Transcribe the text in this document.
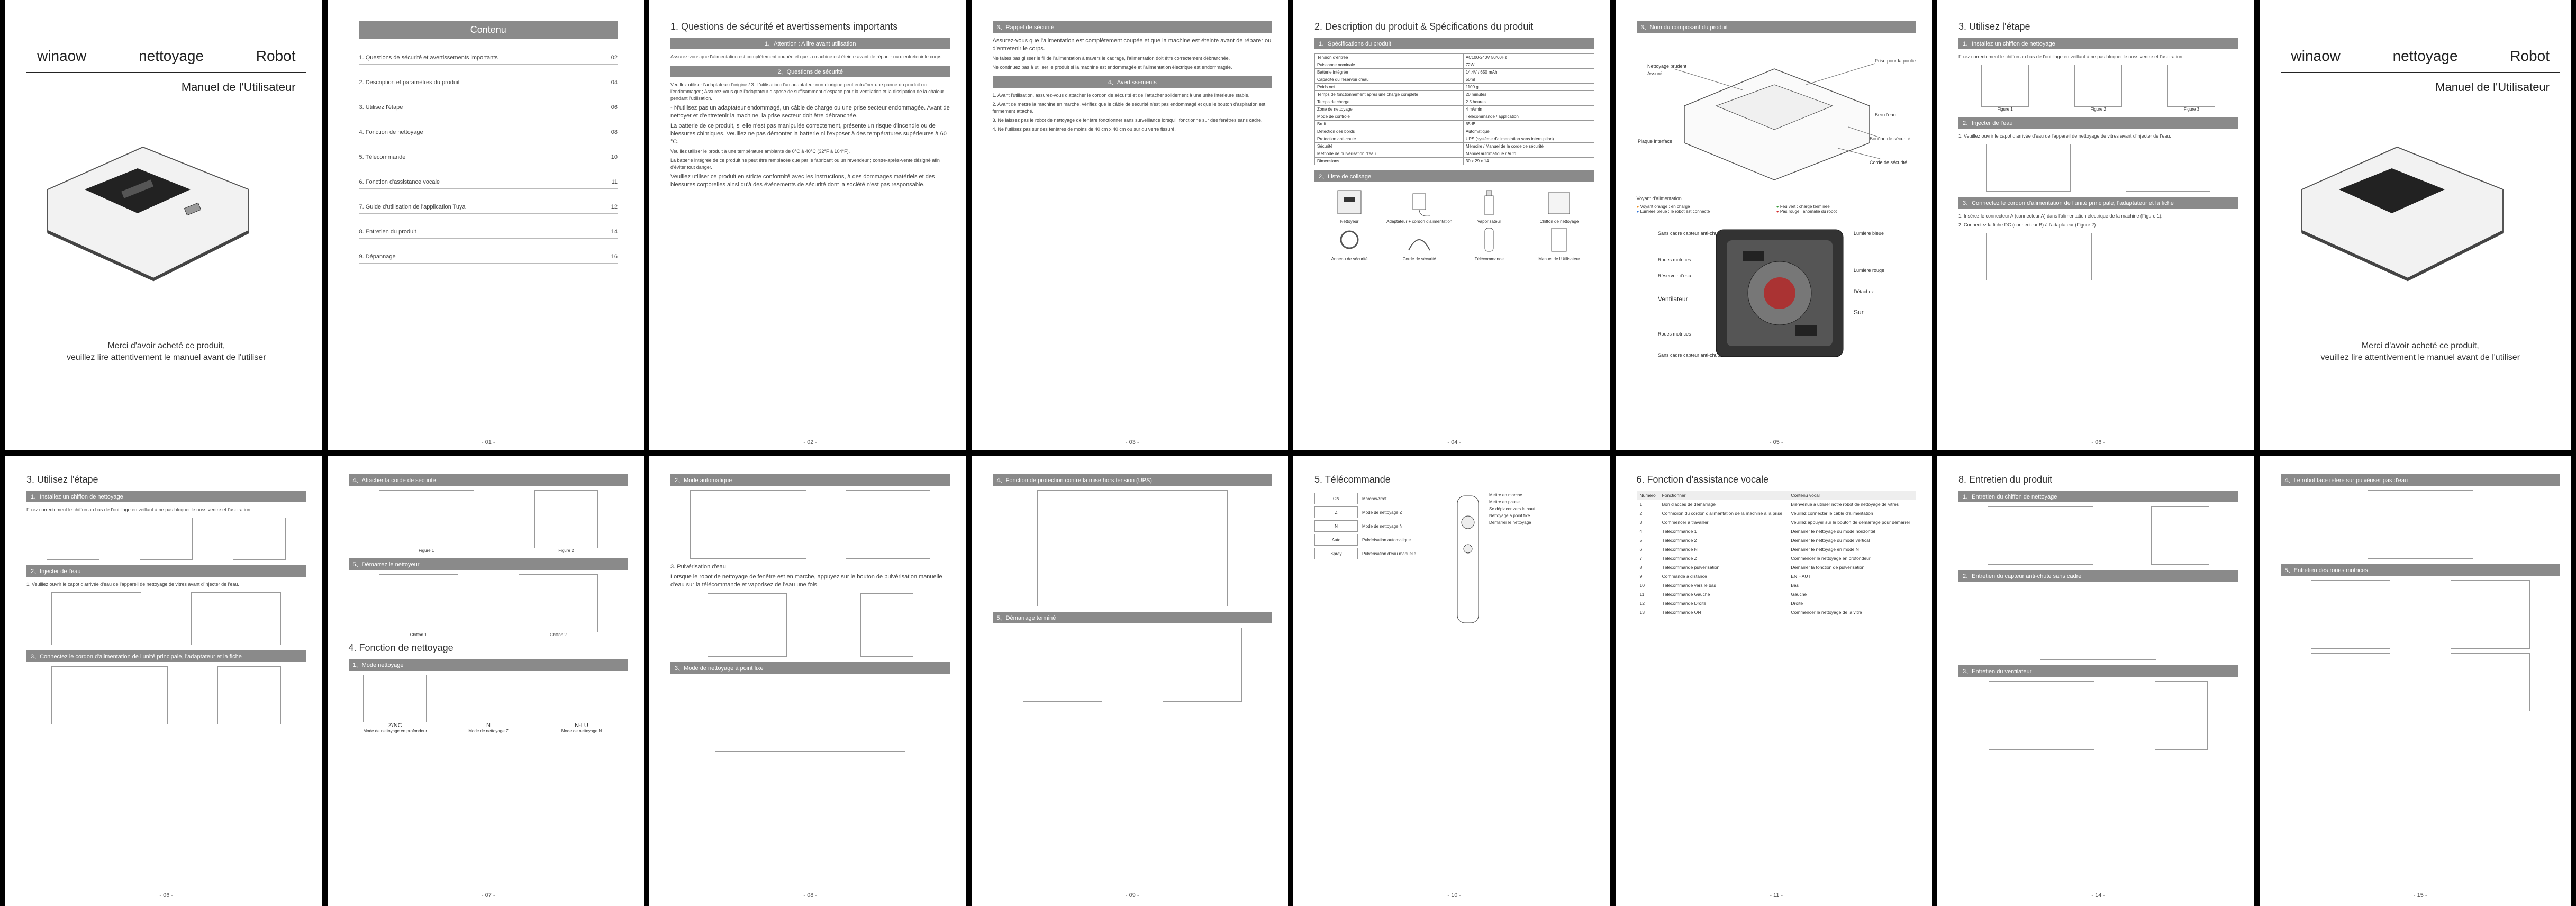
winaow	nettoyage	Robot
Manuel de l'Utilisateur
Merci d'avoir acheté ce produit,
veuillez lire attentivement le manuel avant de l'utiliser
Contenu
1. Questions de sécurité et avertissements importants	02
2. Description et paramètres du produit	04
3. Utilisez l'étape	06
4. Fonction de nettoyage	08
5. Télécommande	10
6. Fonction d'assistance vocale	11
7. Guide d'utilisation de l'application Tuya	12
8. Entretien du produit	14
9. Dépannage	16
- 01 -
1. Questions de sécurité et avertissements importants
1、Attention : A lire avant utilisation
Assurez-vous que l'alimentation est complètement coupée et que la machine est éteinte avant de réparer ou d'entretenir le corps.
2、Questions de sécurité
Veuillez utiliser l'adaptateur d'origine / 3. L'utilisation d'un adaptateur non d'origine peut entraîner une panne du produit ou l'endommager ; Assurez-vous que l'adaptateur dispose de suffisamment d'espace pour la ventilation et la dissipation de la chaleur pendant l'utilisation.
- N'utilisez pas un adaptateur endommagé, un câble de charge ou une prise secteur endommagée. Avant de nettoyer et d'entretenir la machine, la prise secteur doit être débranchée.
La batterie de ce produit, si elle n'est pas manipulée correctement, présente un risque d'incendie ou de blessures chimiques. Veuillez ne pas démonter la batterie ni l'exposer à des températures supérieures à 60 °C.
Veuillez utiliser le produit à une température ambiante de 0°C à 40°C (32°F à 104°F).
La batterie intégrée de ce produit ne peut être remplacée que par le fabricant ou un revendeur ; contre-après-vente désigné afin d'éviter tout danger.
Veuillez utiliser ce produit en stricte conformité avec les instructions, à des dommages matériels et des blessures corporelles ainsi qu'à des événements de sécurité dont la société n'est pas responsable.
- 02 -
3、Rappel de sécurité
Assurez-vous que l'alimentation est complètement coupée et que la machine est éteinte avant de réparer ou d'entretenir le corps.
Ne faites pas glisser le fil de l'alimentation à travers le cadrage, l'alimentation doit être correctement débranchée.
Ne continuez pas à utiliser le produit si la machine est endommagée et l'alimentation électrique est endommagée.
4、Avertissements
1. Avant l'utilisation, assurez-vous d'attacher le cordon de sécurité et de l'attacher solidement à une unité intérieure stable.
2. Avant de mettre la machine en marche, vérifiez que le câble de sécurité n'est pas endommagé et que le bouton d'aspiration est fermement attaché.
3. Ne laissez pas le robot de nettoyage de fenêtre fonctionner sans surveillance lorsqu'il fonctionne sur des fenêtres sans cadre.
4. Ne l'utilisez pas sur des fenêtres de moins de 40 cm x 40 cm ou sur du verre fissuré.
- 03 -
2. Description du produit & Spécifications du produit
1、Spécifications du produit
Tension d'entrée	AC100-240V 50/60Hz
Puissance nominale	72W
Batterie intégrée	14.4V / 650 mAh
Capacité du réservoir d'eau	50ml
Poids net	1100 g
Temps de fonctionnement après une charge complète	20 minutes
Temps de charge	2.5 heures
Zone de nettoyage	4 m²/min
Mode de contrôle	Télécommande / application
Bruit	65dB
Détection des bords	Automatique
Protection anti-chute	UPS (système d'alimentation sans interruption)
Sécurité	Mémoire / Manuel de la corde de sécurité
Méthode de pulvérisation d'eau	Manuel automatique / Auto
Dimensions	30 x 29 x 14
2、Liste de colisage
Nettoyeur	Adaptateur + cordon d'alimentation	Vaporisateur	Chiffon de nettoyage
Anneau de sécurité	Corde de sécurité	Télécommande	Manuel de l'Utilisateur
- 04 -
3、Nom du composant du produit
Nettoyage prudent
Assuré
Prise pour la poulie
Bec d'eau
Bouche de sécurité
Corde de sécurité
Plaque interface
Voyant d'alimentation
● Voyant orange : en charge	● Feu vert : charge terminée
● Lumière bleue : le robot est connecté	● Pas rouge : anomalie du robot
Sans cadre capteur anti-chute
Roues motrices
Réservoir d'eau
Ventilateur
Roues motrices
Sans cadre capteur anti-chute
Lumière bleue
Lumière rouge
Détachez
Sur
- 05 -
3. Utilisez l'étape
1、Installez un chiffon de nettoyage
Fixez correctement le chiffon au bas de l'outillage en veillant à ne pas bloquer le nuss ventre et l'aspiration.
Figure 1	Figure 2	Figure 3
2、Injecter de l'eau
1. Veuillez ouvrir le capot d'arrivée d'eau de l'appareil de nettoyage de vitres avant d'injecter de l'eau.
3、Connectez le cordon d'alimentation de l'unité principale, l'adaptateur et la fiche
1. Insérez le connecteur A (connecteur A) dans l'alimentation électrique de la machine (Figure 1).
2. Connectez la fiche DC (connecteur B) à l'adaptateur (Figure 2).
- 06 -
winaow	nettoyage	Robot
Manuel de l'Utilisateur
Merci d'avoir acheté ce produit,
veuillez lire attentivement le manuel avant de l'utiliser
3. Utilisez l'étape
1、Installez un chiffon de nettoyage
Fixez correctement le chiffon au bas de l'outillage en veillant à ne pas bloquer le nuss ventre et l'aspiration.
2、Injecter de l'eau
1. Veuillez ouvrir le capot d'arrivée d'eau de l'appareil de nettoyage de vitres avant d'injecter de l'eau.
3、Connectez le cordon d'alimentation de l'unité principale, l'adaptateur et la fiche
- 06 -
4、Attacher la corde de sécurité
Figure 1	Figure 2
5、Démarrez le nettoyeur
Chiffon 1	Chiffon 2
4. Fonction de nettoyage
1、Mode nettoyage
Z/NC
Mode de nettoyage en profondeur
N
Mode de nettoyage Z
N-LU
Mode de nettoyage N
- 07 -
2、Mode automatique
3. Pulvérisation d'eau
Lorsque le robot de nettoyage de fenêtre est en marche, appuyez sur le bouton de pulvérisation manuelle d'eau sur la télécommande et vaporisez de l'eau une fois.
3、Mode de nettoyage à point fixe
- 08 -
4、Fonction de protection contre la mise hors tension (UPS)
5、Démarrage terminé
- 09 -
5. Télécommande
ON	Marche/Arrêt
Z	Mode de nettoyage Z
N	Mode de nettoyage N
Auto	Pulvérisation automatique
Spray	Pulvérisation d'eau manuelle
Mettre en marche
Mettre en pause
Se déplacer vers le haut
Nettoyage à point fixe
Démarrer le nettoyage
- 10 -
6. Fonction d'assistance vocale
Numéro	Fonctionner	Contenu vocal
1	Bon d'accès de démarrage	Bienvenue à utiliser notre robot de nettoyage de vitres
2	Connexion du cordon d'alimentation de la machine à la prise	Veuillez connecter le câble d'alimentation
3	Commencer à travailler	Veuillez appuyer sur le bouton de démarrage pour démarrer
4	Télécommande 1	Démarrer le nettoyage du mode horizontal
5	Télécommande 2	Démarrer le nettoyage du mode vertical
6	Télécommande N	Démarrer le nettoyage en mode N
7	Télécommande Z	Commencer le nettoyage en profondeur
8	Télécommande pulvérisation	Démarrer la fonction de pulvérisation
9	Commande à distance	EN HAUT
10	Télécommande vers le bas	Bas
11	Télécommande Gauche	Gauche
12	Télécommande Droite	Droite
13	Télécommande ON	Commencer le nettoyage de la vitre
- 11 -
8. Entretien du produit
1、Entretien du chiffon de nettoyage
2、Entretien du capteur anti-chute sans cadre
3、Entretien du ventilateur
- 14 -
4、Le robot tace réfere sur pulvériser pas d'eau
5、Entretien des roues motrices
- 15 -
